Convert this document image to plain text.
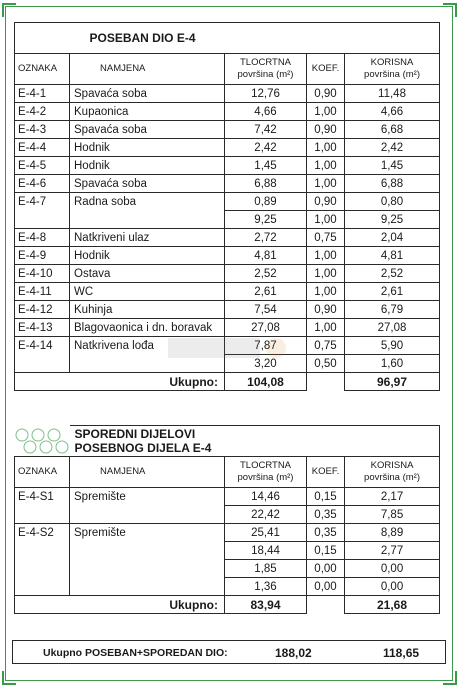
	POSEBAN DIO E-4			
OZNAKA	NAMJENA	TLOCRTNA
površina (m²)	KOEF.	KORISNA
površina (m²)
E-4-1	Spavaća soba	12,76	0,90	11,48
E-4-2	Kupaonica	4,66	1,00	4,66
E-4-3	Spavaća soba	7,42	0,90	6,68
E-4-4	Hodnik	2,42	1,00	2,42
E-4-5	Hodnik	1,45	1,00	1,45
E-4-6	Spavaća soba	6,88	1,00	6,88
E-4-7	Radna soba	0,89	0,90	0,80
		9,25	1,00	9,25
E-4-8	Natkriveni ulaz	2,72	0,75	2,04
E-4-9	Hodnik	4,81	1,00	4,81
E-4-10	Ostava	2,52	1,00	2,52
E-4-11	WC	2,61	1,00	2,61
E-4-12	Kuhinja	7,54	0,90	6,79
E-4-13	Blagovaonica i dn. boravak	27,08	1,00	27,08
E-4-14	Natkrivena lođa	7,87	0,75	5,90
		3,20	0,50	1,60
Ukupno:		104,08		96,97
	SPOREDNI DIJELOVI
POSEBNOG DIJELA E-4			
OZNAKA	NAMJENA	TLOCRTNA
površina (m²)	KOEF.	KORISNA
površina (m²)
E-4-S1	Spremište	14,46	0,15	2,17
		22,42	0,35	7,85
E-4-S2	Spremište	25,41	0,35	8,89
		18,44	0,15	2,77
		1,85	0,00	0,00
		1,36	0,00	0,00
Ukupno:		83,94		21,68
Ukupno POSEBAN+SPOREDAN DIO:	188,02	118,65
